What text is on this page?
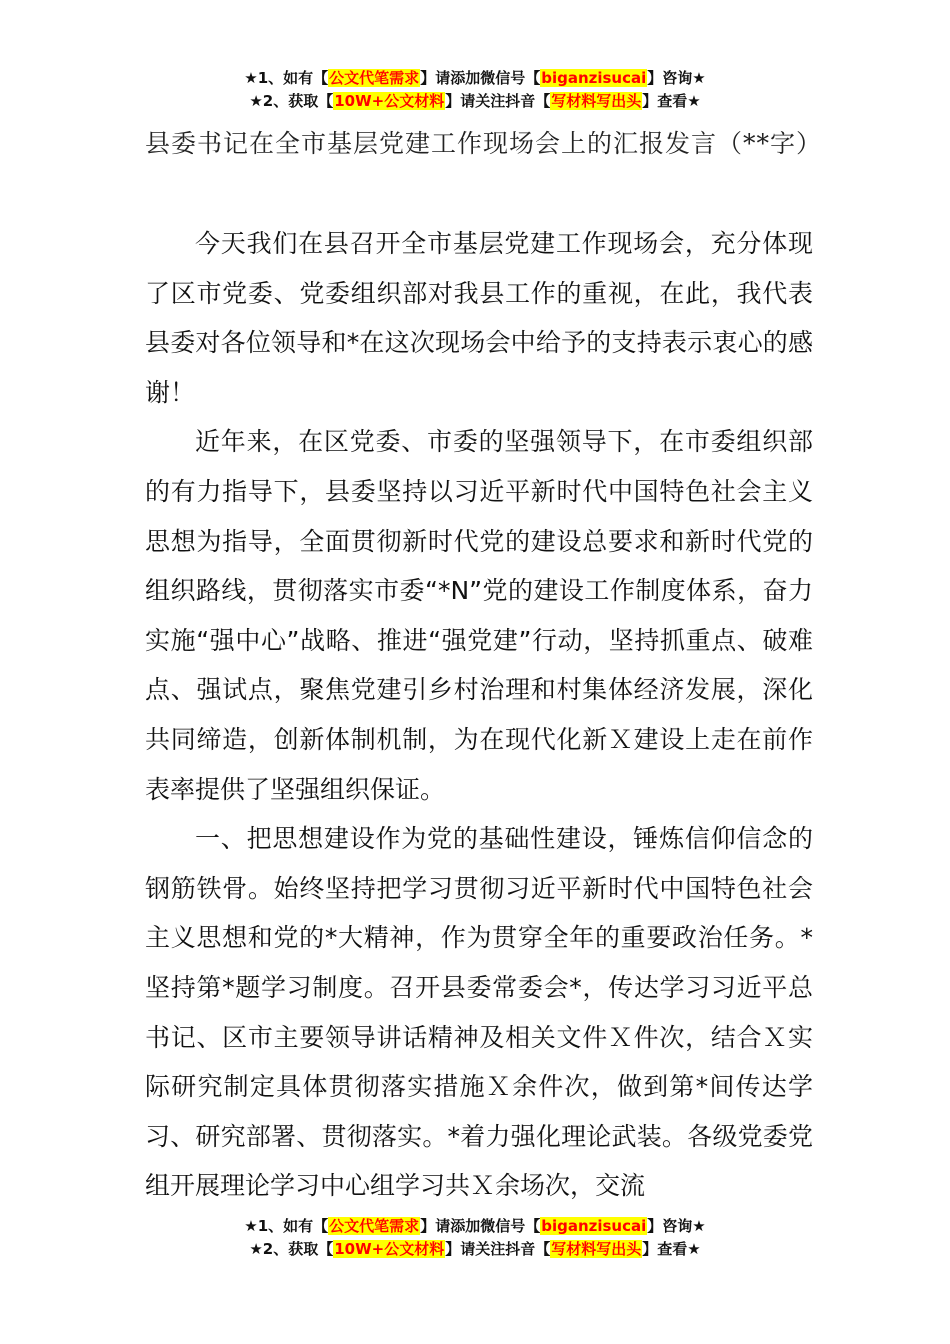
★1、如有【公文代笔需求】请添加微信号【biganzisucai】咨询★
★2、获取【10W+公文材料】请关注抖音【写材料写出头】查看★
县委书记在全市基层党建工作现场会上的汇报发言（**字）

今天我们在县召开全市基层党建工作现场会，充分体现了区市党委、党委组织部对我县工作的重视，在此，我代表县委对各位领导和*在这次现场会中给予的支持表示衷心的感谢！

近年来，在区党委、市委的坚强领导下，在市委组织部的有力指导下，县委坚持以习近平新时代中国特色社会主义思想为指导，全面贯彻新时代党的建设总要求和新时代党的组织路线，贯彻落实市委“*N”党的建设工作制度体系，奋力实施“强中心”战略、推进“强党建”行动，坚持抓重点、破难点、强试点，聚焦党建引乡村治理和村集体经济发展，深化共同缔造，创新体制机制，为在现代化新Ｘ建设上走在前作表率提供了坚强组织保证。

一、把思想建设作为党的基础性建设，锤炼信仰信念的钢筋铁骨。始终坚持把学习贯彻习近平新时代中国特色社会主义思想和党的*大精神，作为贯穿全年的重要政治任务。*坚持第*题学习制度。召开县委常委会*，传达学习习近平总书记、区市主要领导讲话精神及相关文件Ｘ件次，结合Ｘ实际研究制定具体贯彻落实措施Ｘ余件次，做到第*间传达学习、研究部署、贯彻落实。*着力强化理论武装。各级党委党组开展理论学习中心组学习共Ｘ余场次，交流

★1、如有【公文代笔需求】请添加微信号【biganzisucai】咨询★
★2、获取【10W+公文材料】请关注抖音【写材料写出头】查看★
